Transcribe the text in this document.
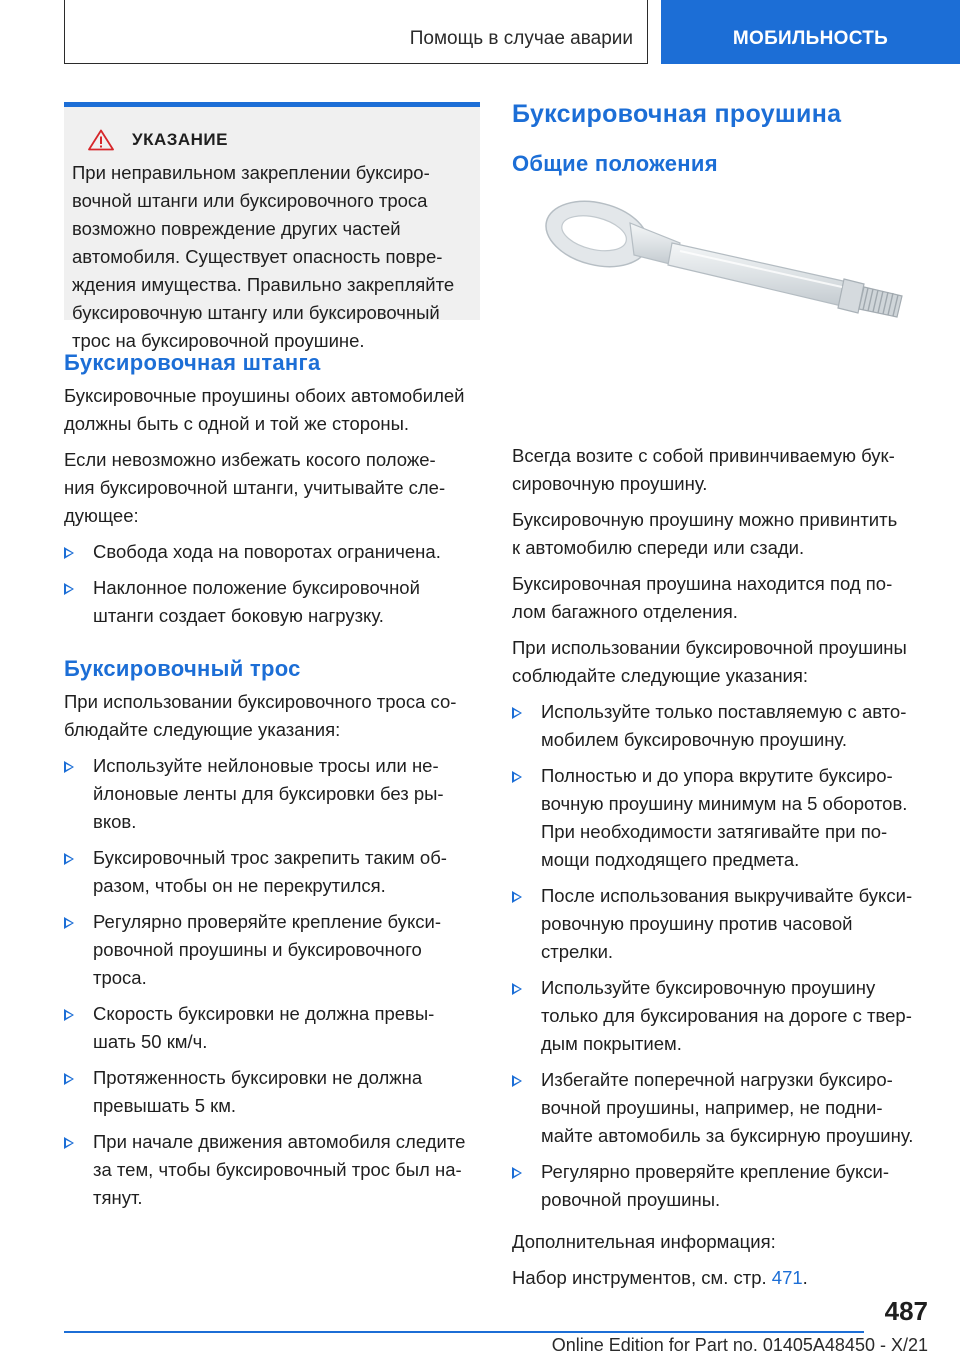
Помощь в случае аварии	МОБИЛЬНОСТЬ
УКАЗАНИЕ
При неправильном закреплении буксиро-
вочной штанги или буксировочного троса
возможно повреждение других частей
автомобиля. Существует опасность повре-
ждения имущества. Правильно закрепляйте
буксировочную штангу или буксировочный
трос на буксировочной проушине.
Буксировочная штанга
Буксировочные проушины обоих автомобилей
должны быть с одной и той же стороны.
Если невозможно избежать косого положе-
ния буксировочной штанги, учитывайте сле-
дующее:
Свобода хода на поворотах ограничена.
Наклонное положение буксировочной
штанги создает боковую нагрузку.
Буксировочный трос
При использовании буксировочного троса со-
блюдайте следующие указания:
Используйте нейлоновые тросы или не-
йлоновые ленты для буксировки без ры-
вков.
Буксировочный трос закрепить таким об-
разом, чтобы он не перекрутился.
Регулярно проверяйте крепление букси-
ровочной проушины и буксировочного
троса.
Скорость буксировки не должна превы-
шать 50 км/ч.
Протяженность буксировки не должна
превышать 5 км.
При начале движения автомобиля следите
за тем, чтобы буксировочный трос был на-
тянут.
Буксировочная проушина
Общие положения
Всегда возите с собой привинчиваемую бук-
сировочную проушину.
Буксировочную проушину можно привинтить
к автомобилю спереди или сзади.
Буксировочная проушина находится под по-
лом багажного отделения.
При использовании буксировочной проушины
соблюдайте следующие указания:
Используйте только поставляемую с авто-
мобилем буксировочную проушину.
Полностью и до упора вкрутите буксиро-
вочную проушину минимум на 5 оборотов.
При необходимости затягивайте при по-
мощи подходящего предмета.
После использования выкручивайте букси-
ровочную проушину против часовой
стрелки.
Используйте буксировочную проушину
только для буксирования на дороге с твер-
дым покрытием.
Избегайте поперечной нагрузки буксиро-
вочной проушины, например, не подни-
майте автомобиль за буксирную проушину.
Регулярно проверяйте крепление букси-
ровочной проушины.
Дополнительная информация:
Набор инструментов, см. стр. 471.
487
Online Edition for Part no. 01405A48450 - X/21
